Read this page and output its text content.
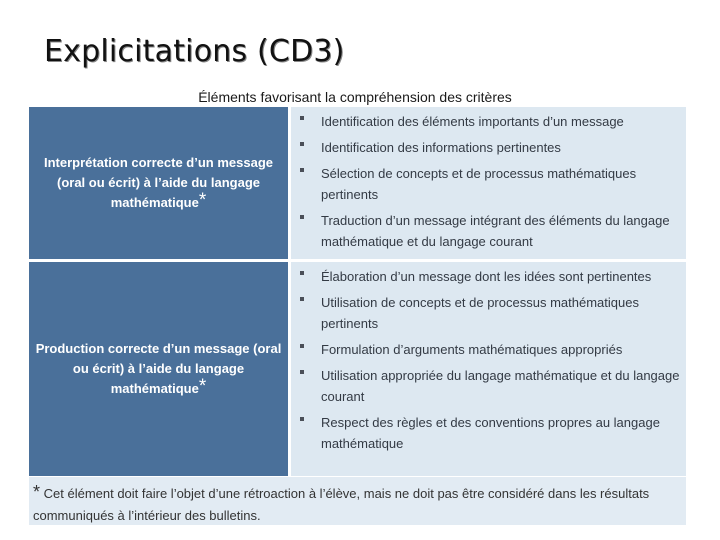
Explicitations (CD3)
Éléments favorisant la compréhension des critères
Interprétation correcte d’un message (oral ou écrit) à l’aide du langage mathématique*
Identification des éléments importants d’un message
Identification des informations pertinentes
Sélection de concepts et de processus mathématiques pertinents
Traduction d’un message intégrant des éléments du langage mathématique et du langage courant
Production correcte d’un message (oral ou écrit) à l’aide du langage mathématique*
Élaboration d’un message dont les idées sont pertinentes
Utilisation de concepts et de processus mathématiques pertinents
Formulation d’arguments mathématiques appropriés
Utilisation appropriée du langage mathématique et du langage courant
Respect des règles et des conventions propres au langage mathématique
* Cet élément doit faire l’objet d’une rétroaction à l’élève, mais ne doit pas être considéré dans les résultats communiqués à l’intérieur des bulletins.
